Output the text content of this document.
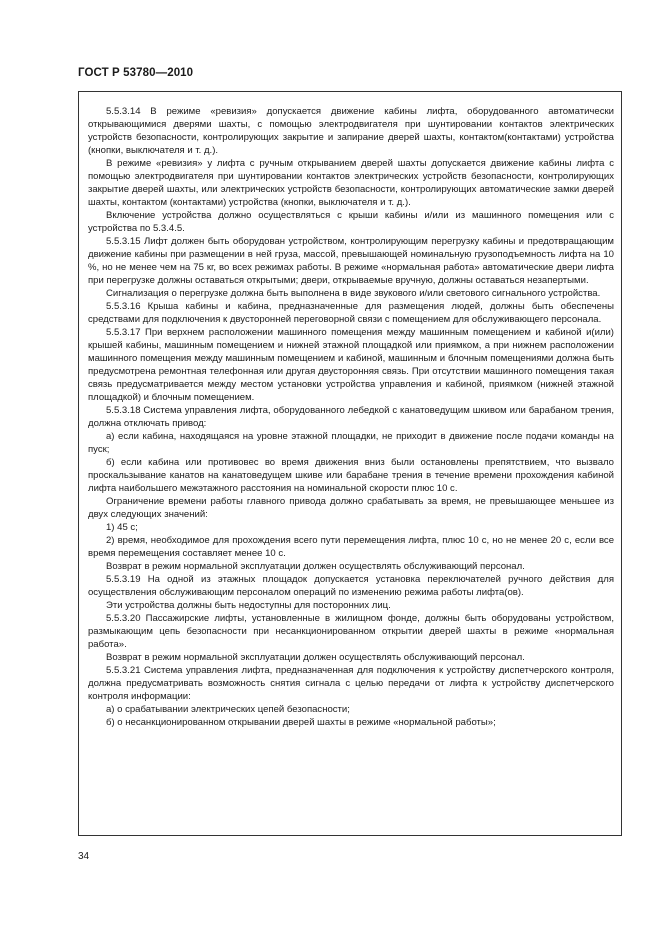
ГОСТ Р 53780—2010

5.5.3.14 В режиме «ревизия» допускается движение кабины лифта, оборудованного автоматически открывающимися дверями шахты, с помощью электродвигателя при шунтировании контактов электрических устройств безопасности, контролирующих закрытие и запирание дверей шахты, контактом(контактами) устройства (кнопки, выключателя и т. д.).

В режиме «ревизия» у лифта с ручным открыванием дверей шахты допускается движение кабины лифта с помощью электродвигателя при шунтировании контактов электрических устройств безопасности, контролирующих закрытие дверей шахты, или электрических устройств безопасности, контролирующих автоматические замки дверей шахты, контактом (контактами) устройства (кнопки, выключателя и т. д.).

Включение устройства должно осуществляться с крыши кабины и/или из машинного помещения или с устройства по 5.3.4.5.

5.5.3.15 Лифт должен быть оборудован устройством, контролирующим перегрузку кабины и предотвращающим движение кабины при размещении в ней груза, массой, превышающей номинальную грузоподъемность лифта на 10 %, но не менее чем на 75 кг, во всех режимах работы. В режиме «нормальная работа» автоматические двери лифта при перегрузке должны оставаться открытыми; двери, открываемые вручную, должны оставаться незапертыми.

Сигнализация о перегрузке должна быть выполнена в виде звукового и/или светового сигнального устройства.

5.5.3.16 Крыша кабины и кабина, предназначенные для размещения людей, должны быть обеспечены средствами для подключения к двусторонней переговорной связи с помещением для обслуживающего персонала.

5.5.3.17 При верхнем расположении машинного помещения между машинным помещением и кабиной и(или) крышей кабины, машинным помещением и нижней этажной площадкой или приямком, а при нижнем расположении машинного помещения между машинным помещением и кабиной, машинным и блочным помещениями должна быть предусмотрена ремонтная телефонная или другая двусторонняя связь. При отсутствии машинного помещения такая связь предусматривается между местом установки устройства управления и кабиной, приямком (нижней этажной площадкой) и блочным помещением.

5.5.3.18 Система управления лифта, оборудованного лебедкой с канатоведущим шкивом или барабаном трения, должна отключать привод:

а) если кабина, находящаяся на уровне этажной площадки, не приходит в движение после подачи команды на пуск;

б) если кабина или противовес во время движения вниз были остановлены препятствием, что вызвало проскальзывание канатов на канатоведущем шкиве или барабане трения в течение времени прохождения кабиной лифта наибольшего межэтажного расстояния на номинальной скорости плюс 10 с.

Ограничение времени работы главного привода должно срабатывать за время, не превышающее меньшее из двух следующих значений:

1) 45 с;

2) время, необходимое для прохождения всего пути перемещения лифта, плюс 10 с, но не менее 20 с, если все время перемещения составляет менее 10 с.

Возврат в режим нормальной эксплуатации должен осуществлять обслуживающий персонал.

5.5.3.19 На одной из этажных площадок допускается установка переключателей ручного действия для осуществления обслуживающим персоналом операций по изменению режима работы лифта(ов).

Эти устройства должны быть недоступны для посторонних лиц.

5.5.3.20 Пассажирские лифты, установленные в жилищном фонде, должны быть оборудованы устройством, размыкающим цепь безопасности при несанкционированном открытии дверей шахты в режиме «нормальная работа».

Возврат в режим нормальной эксплуатации должен осуществлять обслуживающий персонал.

5.5.3.21 Система управления лифта, предназначенная для подключения к устройству диспетчерского контроля, должна предусматривать возможность снятия сигнала с целью передачи от лифта к устройству диспетчерского контроля информации:

а) о срабатывании электрических цепей безопасности;

б) о несанкционированном открывании дверей шахты в режиме «нормальной работы»;

34
